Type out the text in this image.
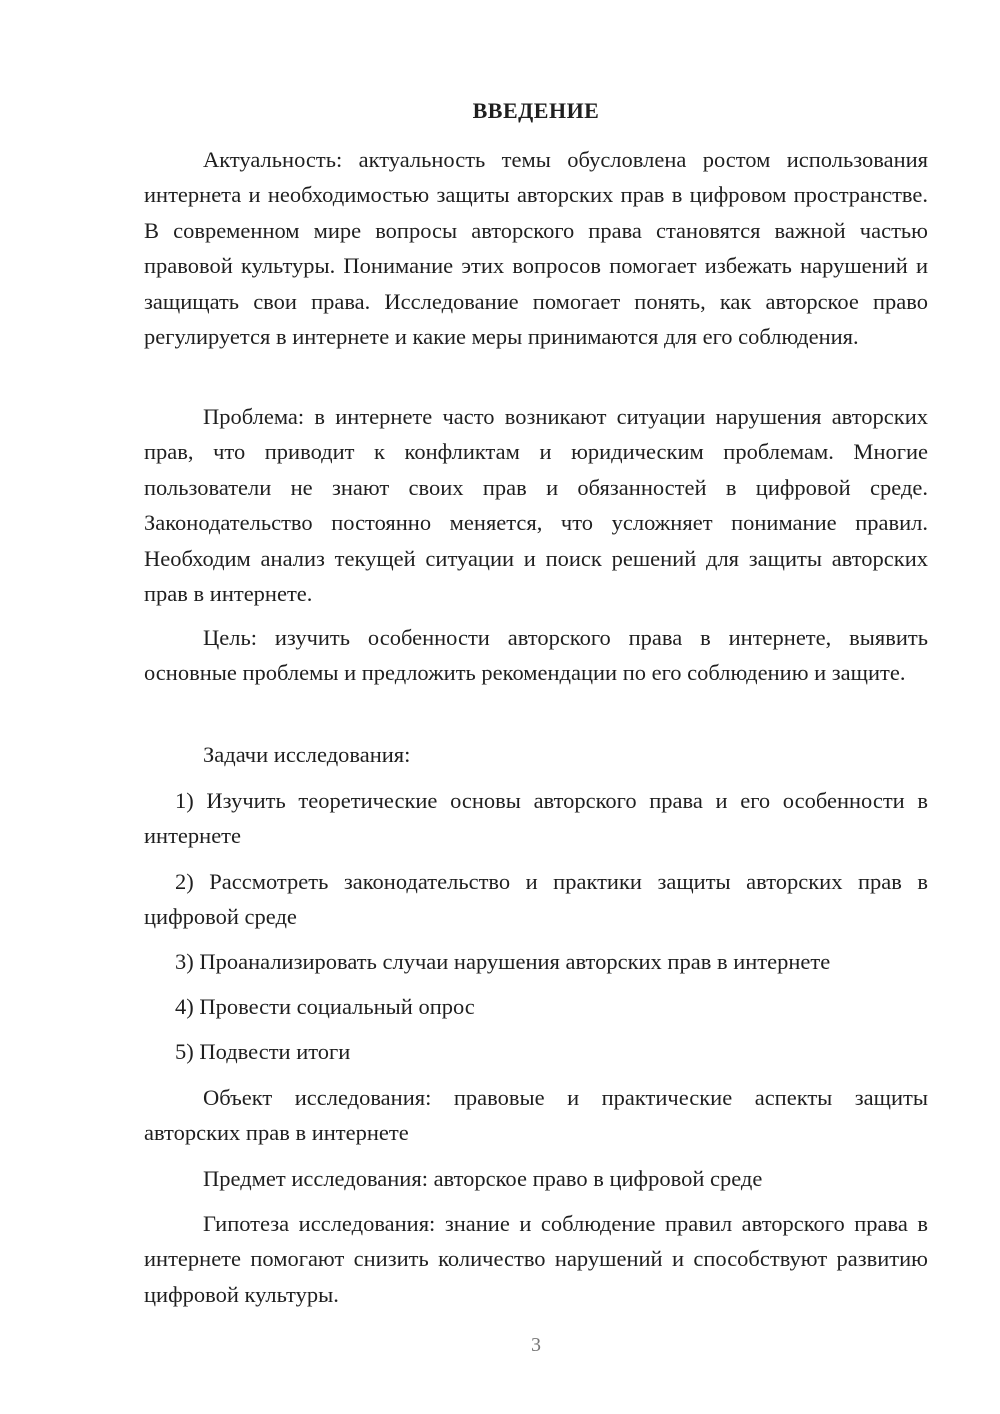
ВВЕДЕНИЕ

Актуальность: актуальность темы обусловлена ростом использования интернета и необходимостью защиты авторских прав в цифровом пространстве. В современном мире вопросы авторского права становятся важной частью правовой культуры. Понимание этих вопросов помогает избежать нарушений и защищать свои права. Исследование помогает понять, как авторское право регулируется в интернете и какие меры принимаются для его соблюдения.

Проблема: в интернете часто возникают ситуации нарушения авторских прав, что приводит к конфликтам и юридическим проблемам. Многие пользователи не знают своих прав и обязанностей в цифровой среде. Законодательство постоянно меняется, что усложняет понимание правил. Необходим анализ текущей ситуации и поиск решений для защиты авторских прав в интернете.

Цель: изучить особенности авторского права в интернете, выявить основные проблемы и предложить рекомендации по его соблюдению и защите.

Задачи исследования:

1) Изучить теоретические основы авторского права и его особенности в интернете

2) Рассмотреть законодательство и практики защиты авторских прав в цифровой среде

3) Проанализировать случаи нарушения авторских прав в интернете

4) Провести социальный опрос

5) Подвести итоги

Объект исследования: правовые и практические аспекты защиты авторских прав в интернете

Предмет исследования: авторское право в цифровой среде

Гипотеза исследования: знание и соблюдение правил авторского права в интернете помогают снизить количество нарушений и способствуют развитию цифровой культуры.

3
